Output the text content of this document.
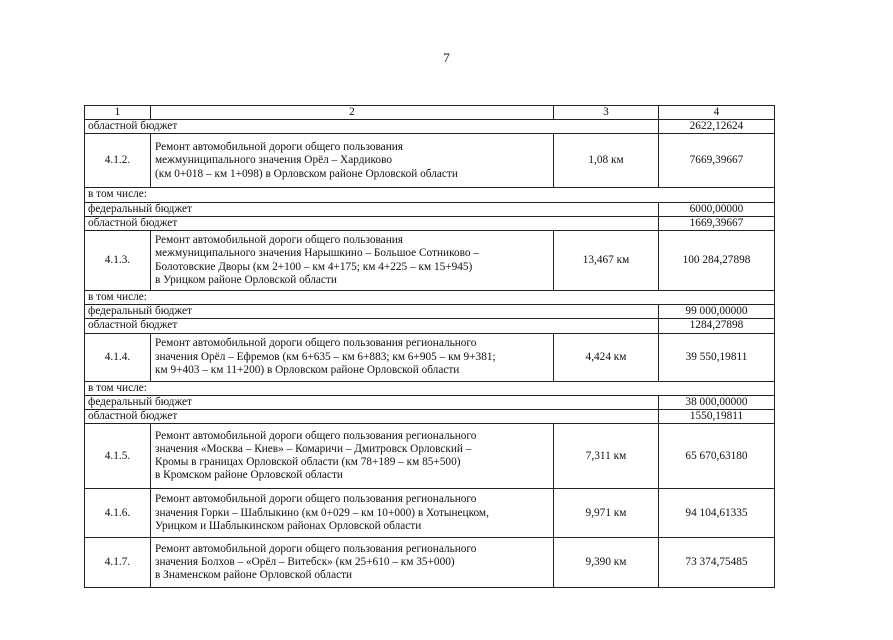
7
1	2	3	4
областной бюджет			2622,12624
4.1.2.	Ремонт автомобильной дороги общего пользования
межмуниципального значения Орёл – Хардиково
(км 0+018 – км 1+098) в Орловском районе Орловской области	1,08 км	7669,39667
в том числе:			
федеральный бюджет			6000,00000
областной бюджет			1669,39667
4.1.3.	Ремонт автомобильной дороги общего пользования
межмуниципального значения Нарышкино – Большое Сотниково –
Болотовские Дворы (км 2+100 – км 4+175; км 4+225 – км 15+945)
в Урицком районе Орловской области	13,467 км	100 284,27898
в том числе:			
федеральный бюджет			99 000,00000
областной бюджет			1284,27898
4.1.4.	Ремонт автомобильной дороги общего пользования регионального
значения Орёл – Ефремов (км 6+635 – км 6+883; км 6+905 – км 9+381;
км 9+403 – км 11+200) в Орловском районе Орловской области	4,424 км	39 550,19811
в том числе:			
федеральный бюджет			38 000,00000
областной бюджет			1550,19811
4.1.5.	Ремонт автомобильной дороги общего пользования регионального
значения «Москва – Киев» – Комаричи – Дмитровск Орловский –
Кромы в границах Орловской области (км 78+189 – км 85+500)
в Кромском районе Орловской области	7,311 км	65 670,63180
4.1.6.	Ремонт автомобильной дороги общего пользования регионального
значения Горки – Шаблыкино (км 0+029 – км 10+000) в Хотынецком,
Урицком и Шаблыкинском районах Орловской области	9,971 км	94 104,61335
4.1.7.	Ремонт автомобильной дороги общего пользования регионального
значения Болхов – «Орёл – Витебск» (км 25+610 – км 35+000)
в Знаменском районе Орловской области	9,390 км	73 374,75485
